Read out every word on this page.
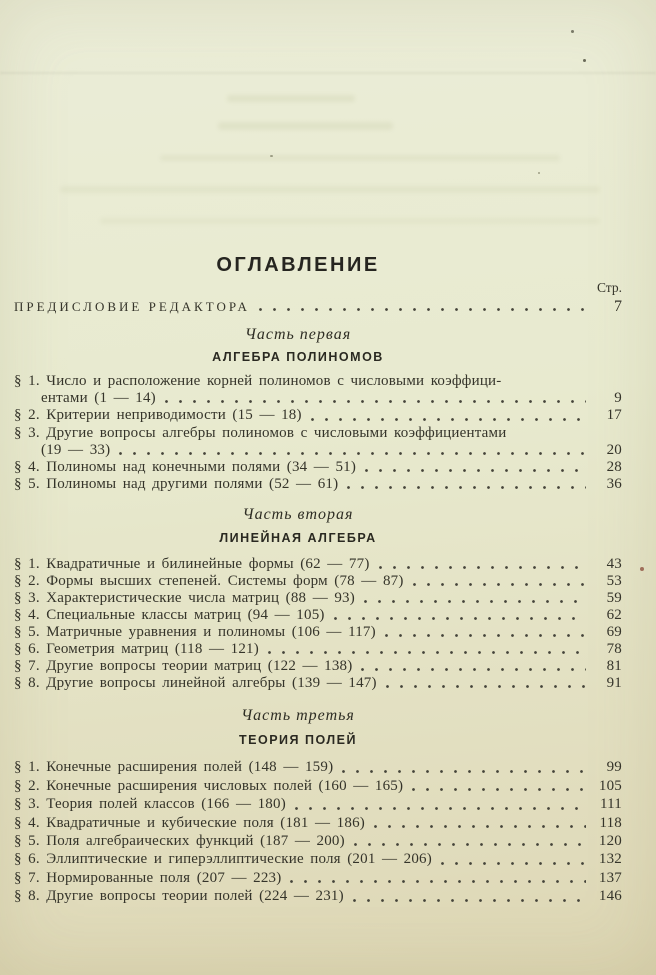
ОГЛАВЛЕНИЕ
Стр.
ПРЕДИСЛОВИЕ РЕДАКТОРА	7
Часть первая
АЛГЕБРА ПОЛИНОМОВ
§ 1. Число и расположение корней полиномов с числовыми коэффици-
ентами (1 — 14)	9
§ 2. Критерии неприводимости (15 — 18)	17
§ 3. Другие вопросы алгебры полиномов с числовыми коэффициентами
(19 — 33)	20
§ 4. Полиномы над конечными полями (34 — 51)	28
§ 5. Полиномы над другими полями (52 — 61)	36
Часть вторая
ЛИНЕЙНАЯ АЛГЕБРА
§ 1. Квадратичные и билинейные формы (62 — 77)	43
§ 2. Формы высших степеней. Системы форм (78 — 87)	53
§ 3. Характеристические числа матриц (88 — 93)	59
§ 4. Специальные классы матриц (94 — 105)	62
§ 5. Матричные уравнения и полиномы (106 — 117)	69
§ 6. Геометрия матриц (118 — 121)	78
§ 7. Другие вопросы теории матриц (122 — 138)	81
§ 8. Другие вопросы линейной алгебры (139 — 147)	91
Часть третья
ТЕОРИЯ ПОЛЕЙ
§ 1. Конечные расширения полей (148 — 159)	99
§ 2. Конечные расширения числовых полей (160 — 165)	105
§ 3. Теория полей классов (166 — 180)	111
§ 4. Квадратичные и кубические поля (181 — 186)	118
§ 5. Поля алгебраических функций (187 — 200)	120
§ 6. Эллиптические и гиперэллиптические поля (201 — 206)	132
§ 7. Нормированные поля (207 — 223)	137
§ 8. Другие вопросы теории полей (224 — 231)	146
